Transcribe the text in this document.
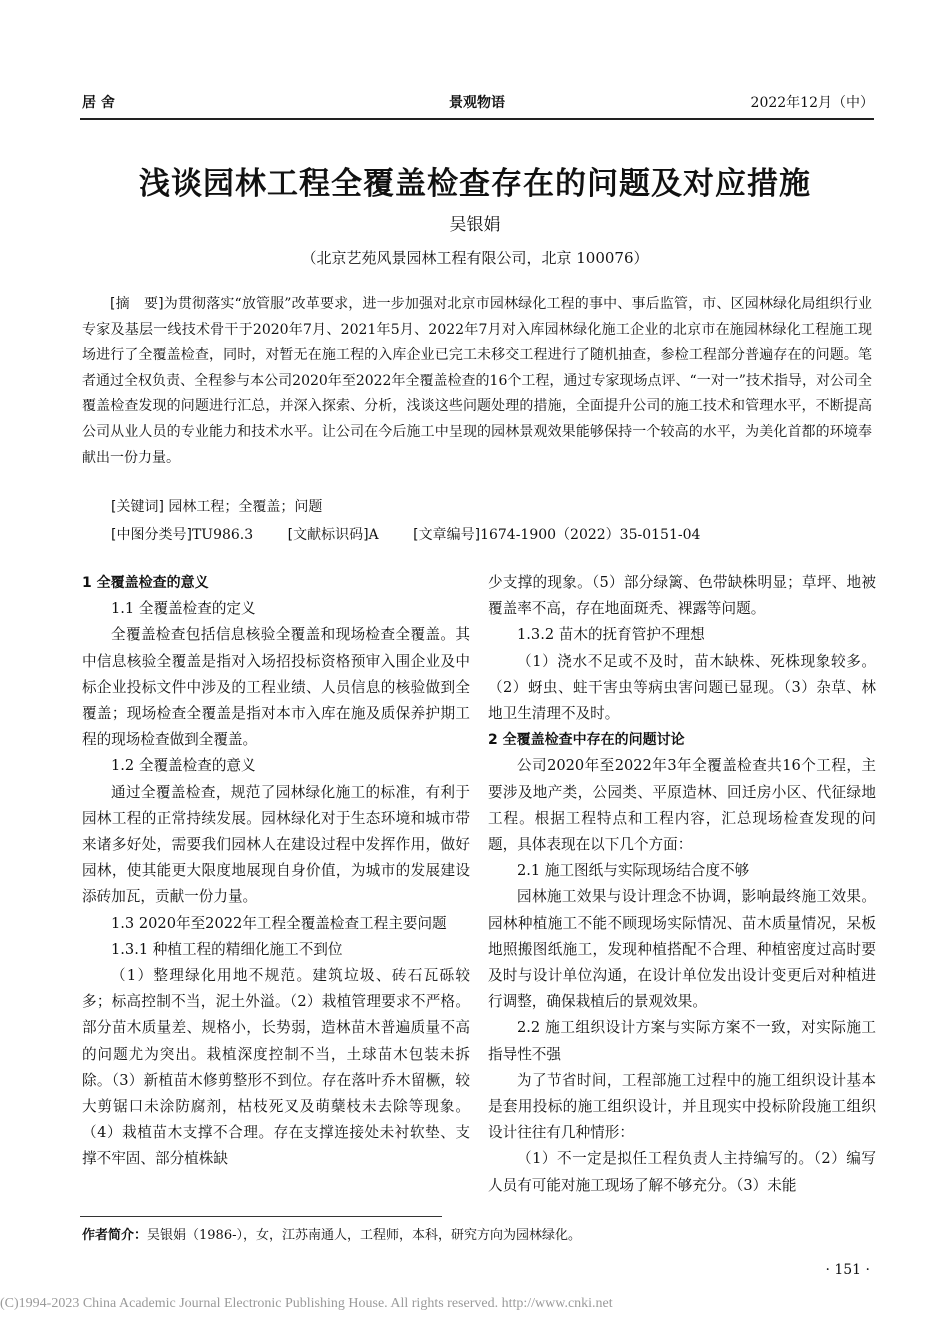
居 舍	景观物语	2022年12月（中）
浅谈园林工程全覆盖检查存在的问题及对应措施
吴银娟
（北京艺苑风景园林工程有限公司，北京 100076）
[摘　要]为贯彻落实“放管服”改革要求，进一步加强对北京市园林绿化工程的事中、事后监管，市、区园林绿化局组织行业专家及基层一线技术骨干于2020年7月、2021年5月、2022年7月对入库园林绿化施工企业的北京市在施园林绿化工程施工现场进行了全覆盖检查，同时，对暂无在施工程的入库企业已完工未移交工程进行了随机抽查，参检工程部分普遍存在的问题。笔者通过全权负责、全程参与本公司2020年至2022年全覆盖检查的16个工程，通过专家现场点评、“一对一”技术指导，对公司全覆盖检查发现的问题进行汇总，并深入探索、分析，浅谈这些问题处理的措施，全面提升公司的施工技术和管理水平，不断提高公司从业人员的专业能力和技术水平。让公司在今后施工中呈现的园林景观效果能够保持一个较高的水平，为美化首都的环境奉献出一份力量。
[关键词] 园林工程；全覆盖；问题
[中图分类号]TU986.3 [文献标识码]A [文章编号]1674-1900（2022）35-0151-04

1 全覆盖检查的意义

1.1 全覆盖检查的定义

全覆盖检查包括信息核验全覆盖和现场检查全覆盖。其中信息核验全覆盖是指对入场招投标资格预审入围企业及中标企业投标文件中涉及的工程业绩、人员信息的核验做到全覆盖；现场检查全覆盖是指对本市入库在施及质保养护期工程的现场检查做到全覆盖。

1.2 全覆盖检查的意义

通过全覆盖检查，规范了园林绿化施工的标准，有利于园林工程的正常持续发展。园林绿化对于生态环境和城市带来诸多好处，需要我们园林人在建设过程中发挥作用，做好园林，使其能更大限度地展现自身价值，为城市的发展建设添砖加瓦，贡献一份力量。

1.3 2020年至2022年工程全覆盖检查工程主要问题

1.3.1 种植工程的精细化施工不到位

（1）整理绿化用地不规范。建筑垃圾、砖石瓦砾较多；标高控制不当，泥土外溢。（2）栽植管理要求不严格。部分苗木质量差、规格小，长势弱，造林苗木普遍质量不高的问题尤为突出。栽植深度控制不当，土球苗木包装未拆除。（3）新植苗木修剪整形不到位。存在落叶乔木留橛，较大剪锯口未涂防腐剂，枯枝死叉及萌蘖枝未去除等现象。（4）栽植苗木支撑不合理。存在支撑连接处未衬软垫、支撑不牢固、部分植株缺

少支撑的现象。（5）部分绿篱、色带缺株明显；草坪、地被覆盖率不高，存在地面斑秃、裸露等问题。

1.3.2 苗木的抚育管护不理想

（1）浇水不足或不及时，苗木缺株、死株现象较多。（2）蚜虫、蛀干害虫等病虫害问题已显现。（3）杂草、林地卫生清理不及时。

2 全覆盖检查中存在的问题讨论

公司2020年至2022年3年全覆盖检查共16个工程，主要涉及地产类，公园类、平原造林、回迁房小区、代征绿地工程。根据工程特点和工程内容，汇总现场检查发现的问题，具体表现在以下几个方面：

2.1 施工图纸与实际现场结合度不够

园林施工效果与设计理念不协调，影响最终施工效果。园林种植施工不能不顾现场实际情况、苗木质量情况，呆板地照搬图纸施工，发现种植搭配不合理、种植密度过高时要及时与设计单位沟通，在设计单位发出设计变更后对种植进行调整，确保栽植后的景观效果。

2.2 施工组织设计方案与实际方案不一致，对实际施工指导性不强

为了节省时间，工程部施工过程中的施工组织设计基本是套用投标的施工组织设计，并且现实中投标阶段施工组织设计往往有几种情形：

（1）不一定是拟任工程负责人主持编写的。（2）编写人员有可能对施工现场了解不够充分。（3）未能

作者简介：吴银娟（1986-），女，江苏南通人，工程师，本科，研究方向为园林绿化。
· 151 ·
(C)1994-2023 China Academic Journal Electronic Publishing House. All rights reserved. http://www.cnki.net
